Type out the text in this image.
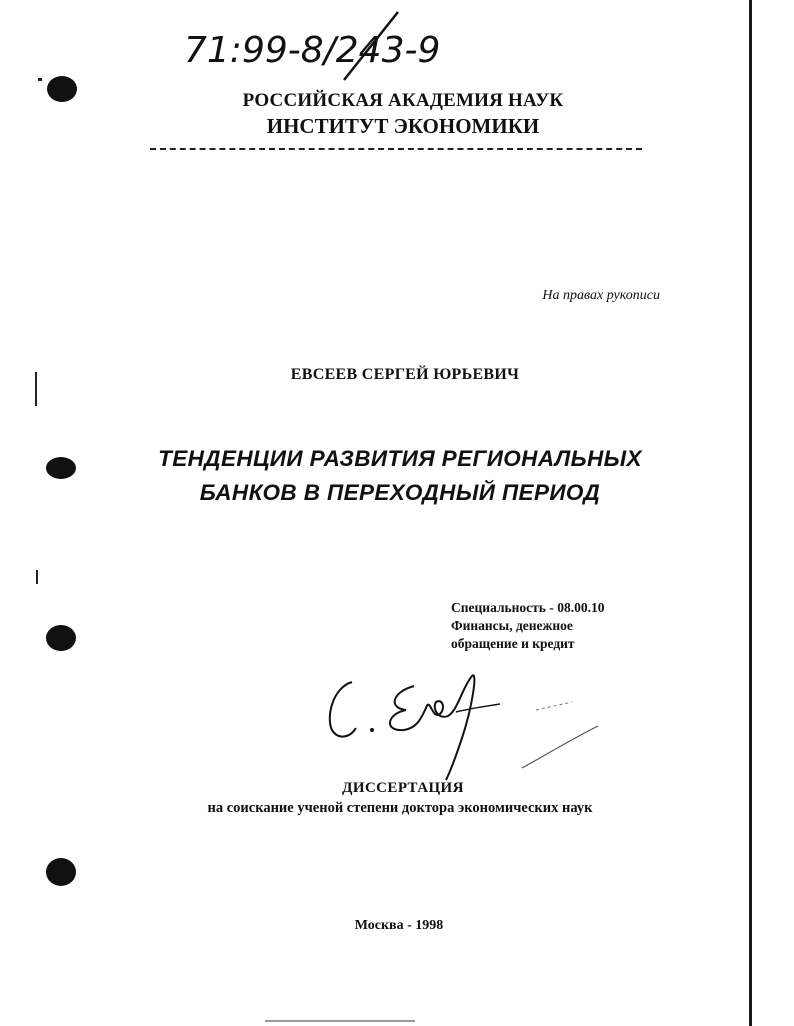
71:99-8/243-9
РОССИЙСКАЯ АКАДЕМИЯ НАУК
ИНСТИТУТ ЭКОНОМИКИ
На правах рукописи
ЕВСЕЕВ СЕРГЕЙ ЮРЬЕВИЧ
ТЕНДЕНЦИИ РАЗВИТИЯ РЕГИОНАЛЬНЫХ
БАНКОВ В ПЕРЕХОДНЫЙ ПЕРИОД
Специальность - 08.00.10
Финансы, денежное
обращение и кредит
ДИССЕРТАЦИЯ
на соискание ученой степени доктора экономических наук
Москва - 1998
